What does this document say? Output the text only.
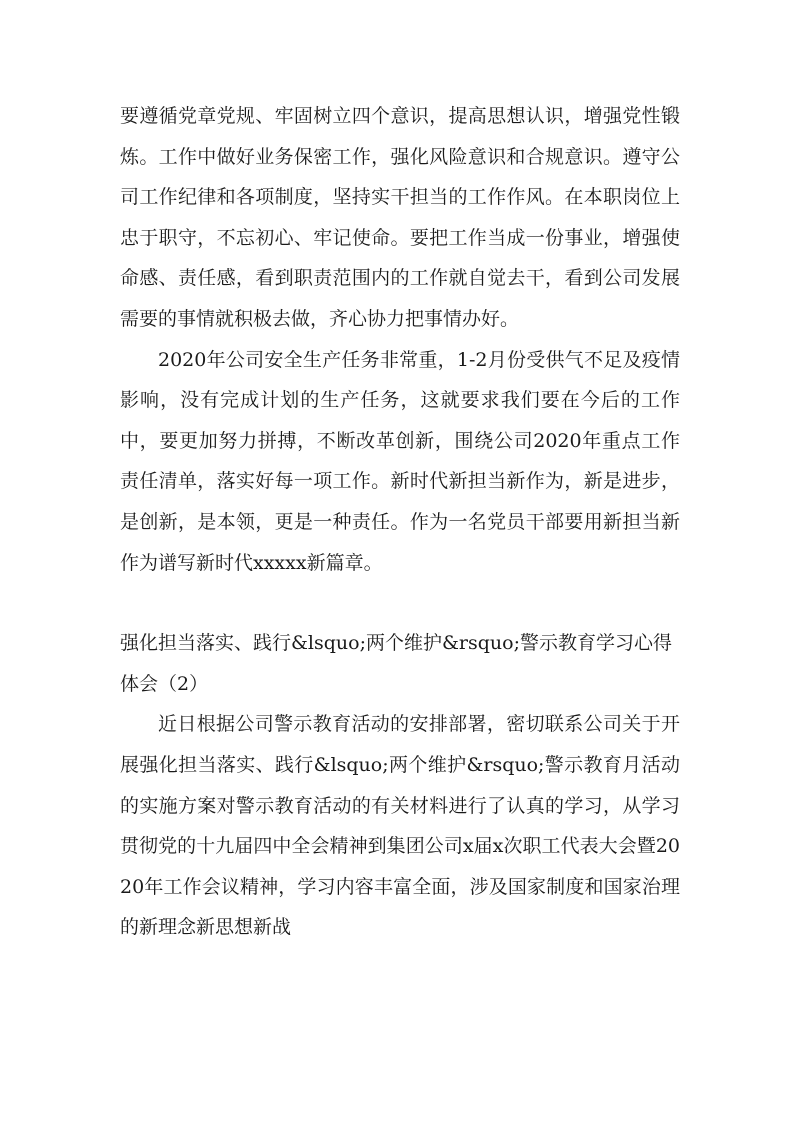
要遵循党章党规、牢固树立四个意识，提高思想认识，增强党性锻炼。工作中做好业务保密工作，强化风险意识和合规意识。遵守公司工作纪律和各项制度，坚持实干担当的工作作风。在本职岗位上忠于职守，不忘初心、牢记使命。要把工作当成一份事业，增强使命感、责任感，看到职责范围内的工作就自觉去干，看到公司发展需要的事情就积极去做，齐心协力把事情办好。

2020年公司安全生产任务非常重，1-2月份受供气不足及疫情影响，没有完成计划的生产任务，这就要求我们要在今后的工作中，要更加努力拼搏，不断改革创新，围绕公司2020年重点工作责任清单，落实好每一项工作。新时代新担当新作为，新是进步，是创新，是本领，更是一种责任。作为一名党员干部要用新担当新作为谱写新时代xxxxx新篇章。

强化担当落实、践行&lsquo;两个维护&rsquo;警示教育学习心得体会（2）

近日根据公司警示教育活动的安排部署，密切联系公司关于开展强化担当落实、践行&lsquo;两个维护&rsquo;警示教育月活动的实施方案对警示教育活动的有关材料进行了认真的学习，从学习贯彻党的十九届四中全会精神到集团公司x届x次职工代表大会暨2020年工作会议精神，学习内容丰富全面，涉及国家制度和国家治理的新理念新思想新战
